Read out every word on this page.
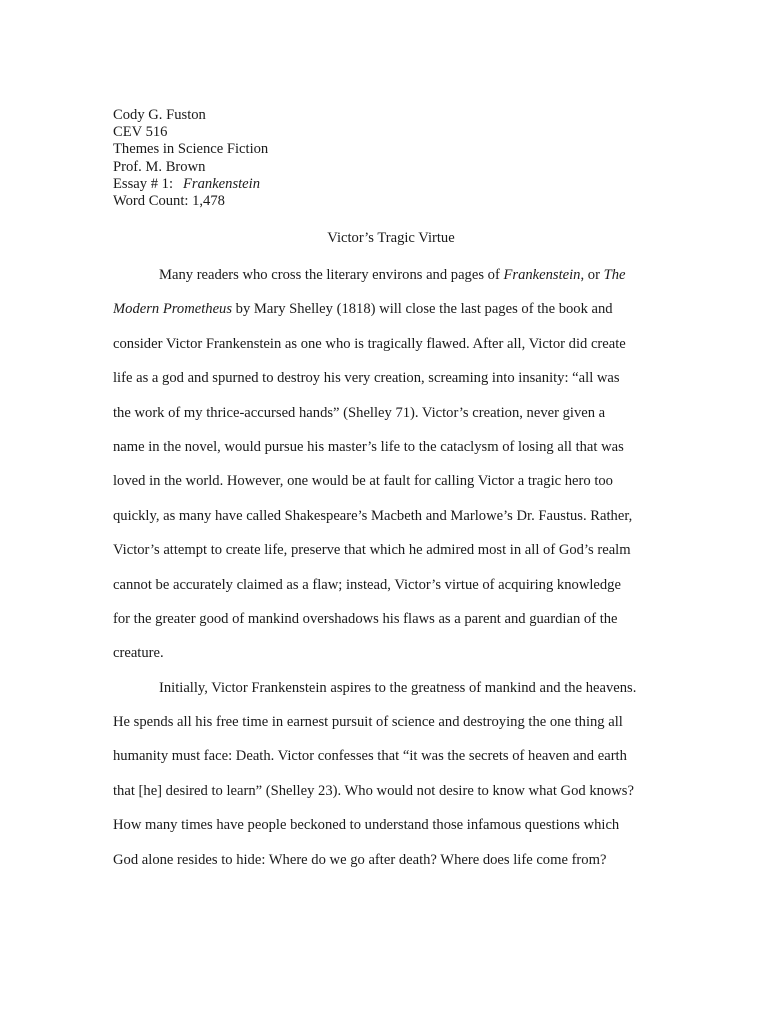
Cody G. Fuston
CEV 516
Themes in Science Fiction
Prof. M. Brown
Essay # 1: Frankenstein
Word Count: 1,478
Victor’s Tragic Virtue
Many readers who cross the literary environs and pages of Frankenstein, or The
Modern Prometheus by Mary Shelley (1818) will close the last pages of the book and
consider Victor Frankenstein as one who is tragically flawed. After all, Victor did create
life as a god and spurned to destroy his very creation, screaming into insanity: “all was
the work of my thrice-accursed hands” (Shelley 71). Victor’s creation, never given a
name in the novel, would pursue his master’s life to the cataclysm of losing all that was
loved in the world. However, one would be at fault for calling Victor a tragic hero too
quickly, as many have called Shakespeare’s Macbeth and Marlowe’s Dr. Faustus. Rather,
Victor’s attempt to create life, preserve that which he admired most in all of God’s realm
cannot be accurately claimed as a flaw; instead, Victor’s virtue of acquiring knowledge
for the greater good of mankind overshadows his flaws as a parent and guardian of the
creature.
Initially, Victor Frankenstein aspires to the greatness of mankind and the heavens.
He spends all his free time in earnest pursuit of science and destroying the one thing all
humanity must face: Death. Victor confesses that “it was the secrets of heaven and earth
that [he] desired to learn” (Shelley 23). Who would not desire to know what God knows?
How many times have people beckoned to understand those infamous questions which
God alone resides to hide: Where do we go after death? Where does life come from?
